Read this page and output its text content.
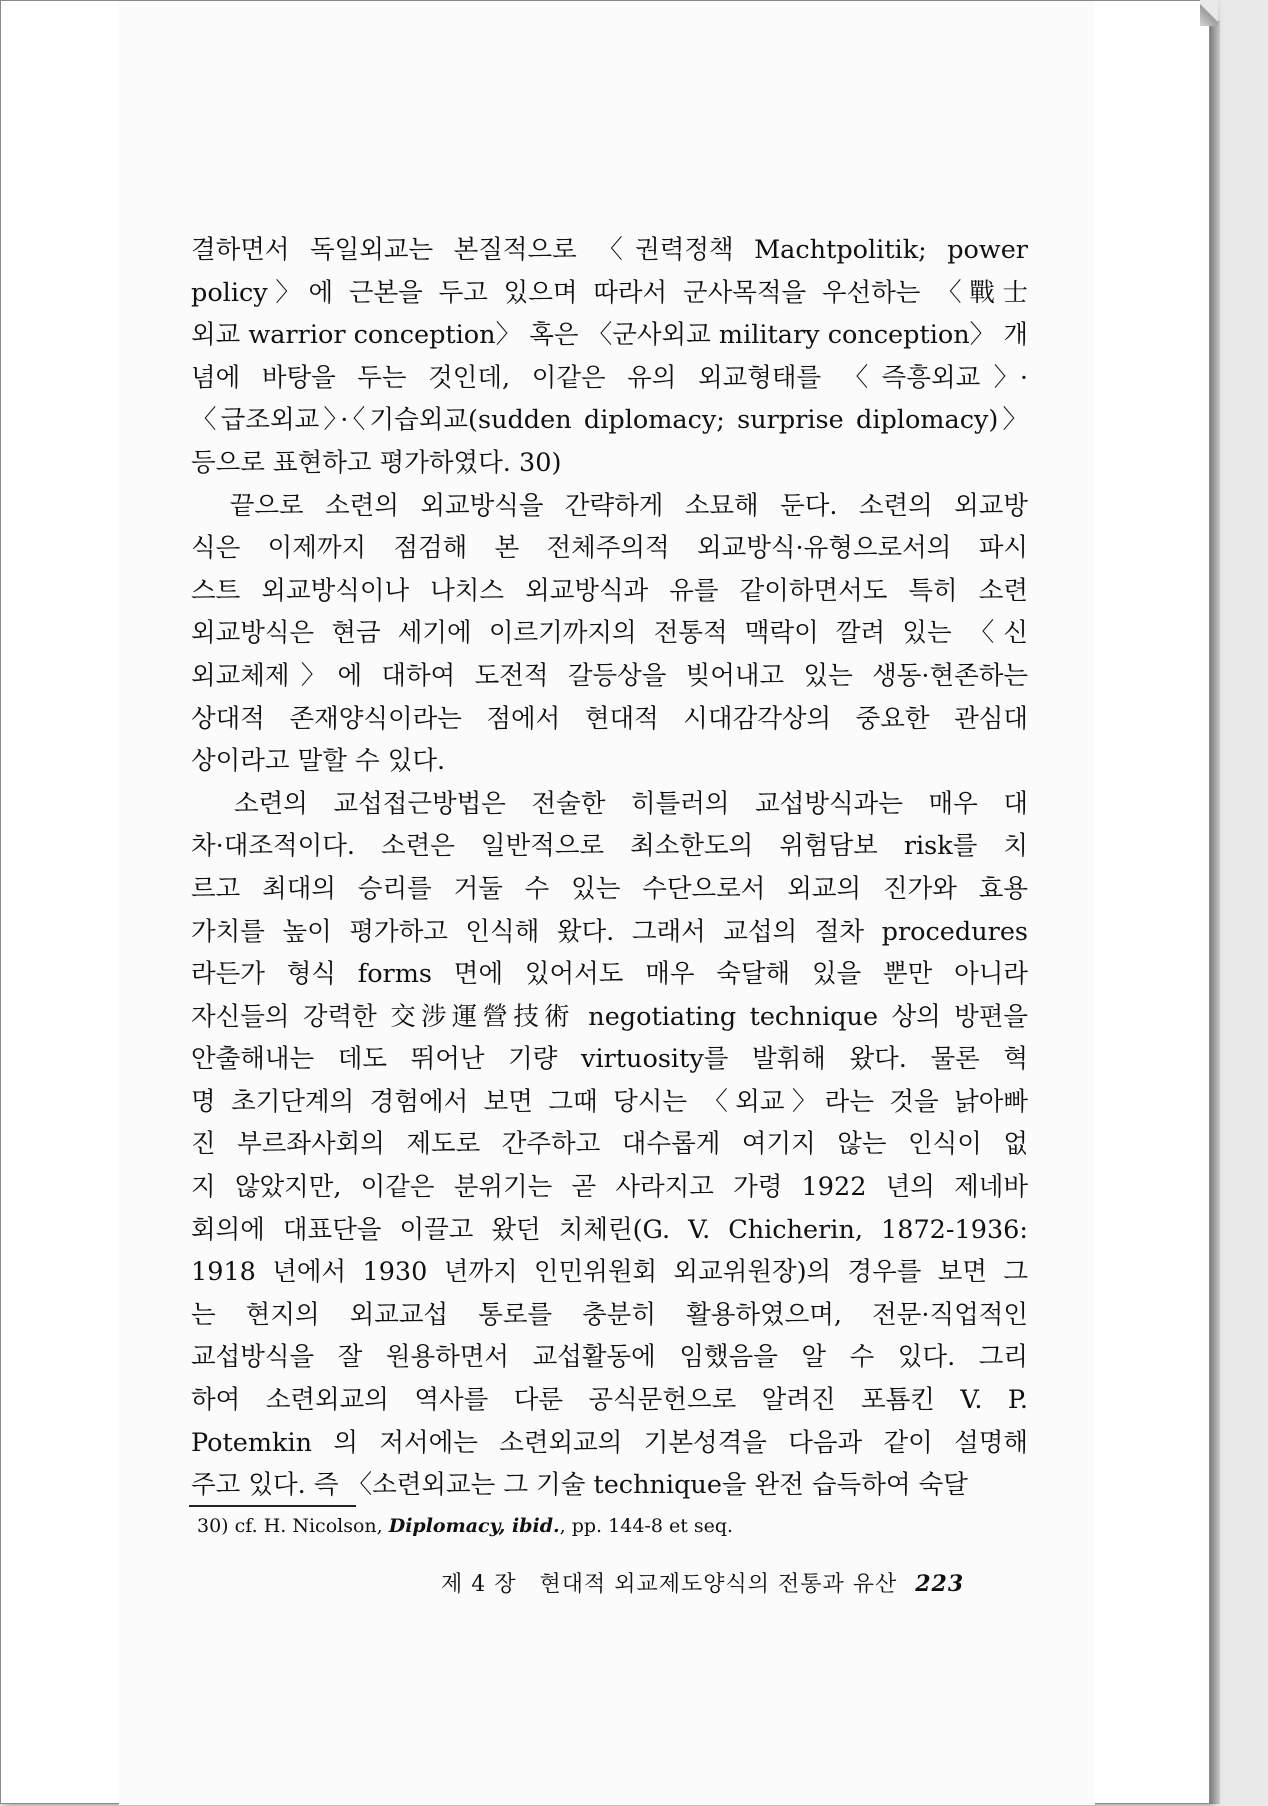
결하면서 독일외교는 본질적으로 〈권력정책 Machtpolitik; power
policy〉에 근본을 두고 있으며 따라서 군사목적을 우선하는 〈戰士
외교 warrior conception〉 혹은 〈군사외교 military conception〉 개
념에 바탕을 두는 것인데, 이같은 유의 외교형태를 〈즉흥외교〉·
〈급조외교〉·〈기습외교(sudden diplomacy; surprise diplomacy)〉
등으로 표현하고 평가하였다. 30)
　끝으로 소련의 외교방식을 간략하게 소묘해 둔다. 소련의 외교방
식은 이제까지 점검해 본 전체주의적 외교방식·유형으로서의 파시
스트 외교방식이나 나치스 외교방식과 유를 같이하면서도 특히 소련
외교방식은 현금 세기에 이르기까지의 전통적 맥락이 깔려 있는 〈신
외교체제〉에 대하여 도전적 갈등상을 빚어내고 있는 생동·현존하는
상대적 존재양식이라는 점에서 현대적 시대감각상의 중요한 관심대
상이라고 말할 수 있다.
　소련의 교섭접근방법은 전술한 히틀러의 교섭방식과는 매우 대
차·대조적이다. 소련은 일반적으로 최소한도의 위험담보 risk를 치
르고 최대의 승리를 거둘 수 있는 수단으로서 외교의 진가와 효용
가치를 높이 평가하고 인식해 왔다. 그래서 교섭의 절차 procedures
라든가 형식 forms 면에 있어서도 매우 숙달해 있을 뿐만 아니라
자신들의 강력한 交涉運營技術 negotiating technique 상의 방편을
안출해내는 데도 뛰어난 기량 virtuosity를 발휘해 왔다. 물론 혁
명 초기단계의 경험에서 보면 그때 당시는 〈외교〉라는 것을 낡아빠
진 부르좌사회의 제도로 간주하고 대수롭게 여기지 않는 인식이 없
지 않았지만, 이같은 분위기는 곧 사라지고 가령 1922 년의 제네바
회의에 대표단을 이끌고 왔던 치체린(G. V. Chicherin, 1872-1936:
1918 년에서 1930 년까지 인민위원회 외교위원장)의 경우를 보면 그
는 현지의 외교교섭 통로를 충분히 활용하였으며, 전문·직업적인
교섭방식을 잘 원용하면서 교섭활동에 임했음을 알 수 있다. 그리
하여 소련외교의 역사를 다룬 공식문헌으로 알려진 포툠킨 V. P.
Potemkin 의 저서에는 소련외교의 기본성격을 다음과 같이 설명해
주고 있다. 즉 〈소련외교는 그 기술 technique을 완전 습득하여 숙달
30) cf. H. Nicolson, Diplomacy, ibid., pp. 144-8 et seq.
제 4 장　현대적 외교제도양식의 전통과 유산 223
